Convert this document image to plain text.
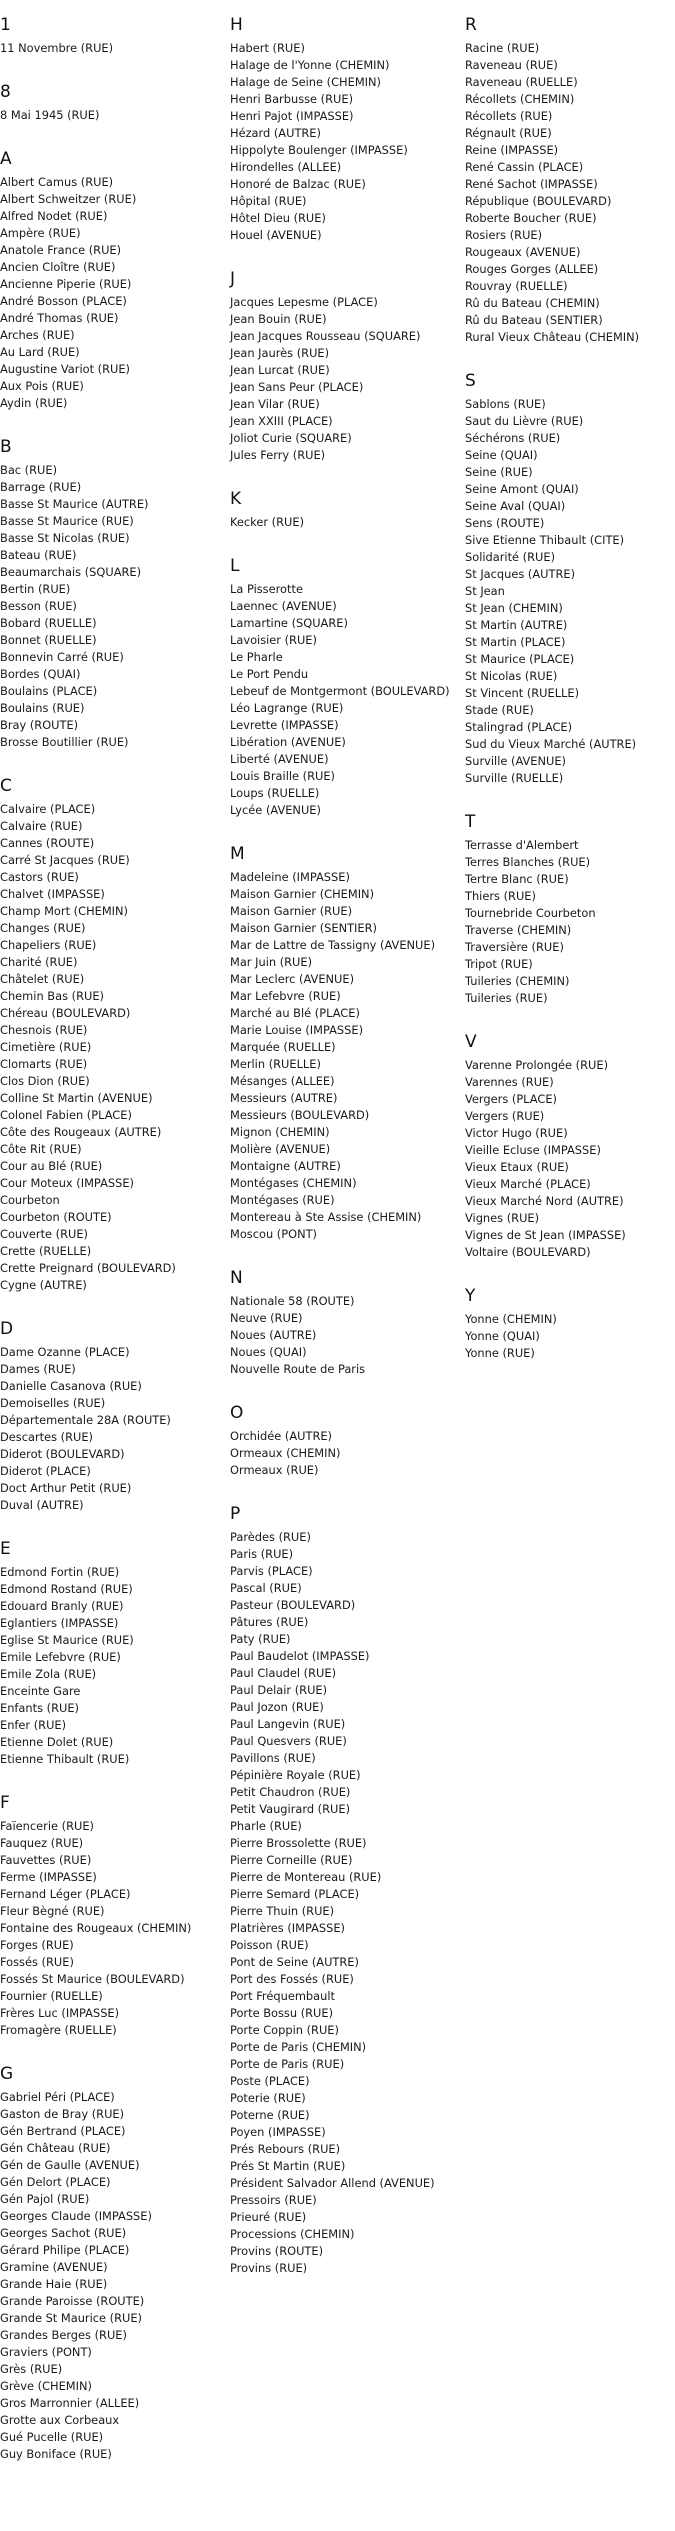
1
11 Novembre (RUE)
8
8 Mai 1945 (RUE)
A
Albert Camus (RUE)
Albert Schweitzer (RUE)
Alfred Nodet (RUE)
Ampère (RUE)
Anatole France (RUE)
Ancien Cloître (RUE)
Ancienne Piperie (RUE)
André Bosson (PLACE)
André Thomas (RUE)
Arches (RUE)
Au Lard (RUE)
Augustine Variot (RUE)
Aux Pois (RUE)
Aydin (RUE)
B
Bac (RUE)
Barrage (RUE)
Basse St Maurice (AUTRE)
Basse St Maurice (RUE)
Basse St Nicolas (RUE)
Bateau (RUE)
Beaumarchais (SQUARE)
Bertin (RUE)
Besson (RUE)
Bobard (RUELLE)
Bonnet (RUELLE)
Bonnevin Carré (RUE)
Bordes (QUAI)
Boulains (PLACE)
Boulains (RUE)
Bray (ROUTE)
Brosse Boutillier (RUE)
C
Calvaire (PLACE)
Calvaire (RUE)
Cannes (ROUTE)
Carré St Jacques (RUE)
Castors (RUE)
Chalvet (IMPASSE)
Champ Mort (CHEMIN)
Changes (RUE)
Chapeliers (RUE)
Charité (RUE)
Châtelet (RUE)
Chemin Bas (RUE)
Chéreau (BOULEVARD)
Chesnois (RUE)
Cimetière (RUE)
Clomarts (RUE)
Clos Dion (RUE)
Colline St Martin (AVENUE)
Colonel Fabien (PLACE)
Côte des Rougeaux (AUTRE)
Côte Rit (RUE)
Cour au Blé (RUE)
Cour Moteux (IMPASSE)
Courbeton
Courbeton (ROUTE)
Couverte (RUE)
Crette (RUELLE)
Crette Preignard (BOULEVARD)
Cygne (AUTRE)
D
Dame Ozanne (PLACE)
Dames (RUE)
Danielle Casanova (RUE)
Demoiselles (RUE)
Départementale 28A (ROUTE)
Descartes (RUE)
Diderot (BOULEVARD)
Diderot (PLACE)
Doct Arthur Petit (RUE)
Duval (AUTRE)
E
Edmond Fortin (RUE)
Edmond Rostand (RUE)
Edouard Branly (RUE)
Eglantiers (IMPASSE)
Eglise St Maurice (RUE)
Emile Lefebvre (RUE)
Emile Zola (RUE)
Enceinte Gare
Enfants (RUE)
Enfer (RUE)
Etienne Dolet (RUE)
Etienne Thibault (RUE)
F
Faïencerie (RUE)
Fauquez (RUE)
Fauvettes (RUE)
Ferme (IMPASSE)
Fernand Léger (PLACE)
Fleur Bègné (RUE)
Fontaine des Rougeaux (CHEMIN)
Forges (RUE)
Fossés (RUE)
Fossés St Maurice (BOULEVARD)
Fournier (RUELLE)
Frères Luc (IMPASSE)
Fromagère (RUELLE)
G
Gabriel Péri (PLACE)
Gaston de Bray (RUE)
Gén Bertrand (PLACE)
Gén Château (RUE)
Gén de Gaulle (AVENUE)
Gén Delort (PLACE)
Gén Pajol (RUE)
Georges Claude (IMPASSE)
Georges Sachot (RUE)
Gérard Philipe (PLACE)
Gramine (AVENUE)
Grande Haie (RUE)
Grande Paroisse (ROUTE)
Grande St Maurice (RUE)
Grandes Berges (RUE)
Graviers (PONT)
Grès (RUE)
Grève (CHEMIN)
Gros Marronnier (ALLEE)
Grotte aux Corbeaux
Gué Pucelle (RUE)
Guy Boniface (RUE)
H
Habert (RUE)
Halage de l'Yonne (CHEMIN)
Halage de Seine (CHEMIN)
Henri Barbusse (RUE)
Henri Pajot (IMPASSE)
Hézard (AUTRE)
Hippolyte Boulenger (IMPASSE)
Hirondelles (ALLEE)
Honoré de Balzac (RUE)
Hôpital (RUE)
Hôtel Dieu (RUE)
Houel (AVENUE)
J
Jacques Lepesme (PLACE)
Jean Bouin (RUE)
Jean Jacques Rousseau (SQUARE)
Jean Jaurès (RUE)
Jean Lurcat (RUE)
Jean Sans Peur (PLACE)
Jean Vilar (RUE)
Jean XXIII (PLACE)
Joliot Curie (SQUARE)
Jules Ferry (RUE)
K
Kecker (RUE)
L
La Pisserotte
Laennec (AVENUE)
Lamartine (SQUARE)
Lavoisier (RUE)
Le Pharle
Le Port Pendu
Lebeuf de Montgermont (BOULEVARD)
Léo Lagrange (RUE)
Levrette (IMPASSE)
Libération (AVENUE)
Liberté (AVENUE)
Louis Braille (RUE)
Loups (RUELLE)
Lycée (AVENUE)
M
Madeleine (IMPASSE)
Maison Garnier (CHEMIN)
Maison Garnier (RUE)
Maison Garnier (SENTIER)
Mar de Lattre de Tassigny (AVENUE)
Mar Juin (RUE)
Mar Leclerc (AVENUE)
Mar Lefebvre (RUE)
Marché au Blé (PLACE)
Marie Louise (IMPASSE)
Marquée (RUELLE)
Merlin (RUELLE)
Mésanges (ALLEE)
Messieurs (AUTRE)
Messieurs (BOULEVARD)
Mignon (CHEMIN)
Molière (AVENUE)
Montaigne (AUTRE)
Montégases (CHEMIN)
Montégases (RUE)
Montereau à Ste Assise (CHEMIN)
Moscou (PONT)
N
Nationale 58 (ROUTE)
Neuve (RUE)
Noues (AUTRE)
Noues (QUAI)
Nouvelle Route de Paris
O
Orchidée (AUTRE)
Ormeaux (CHEMIN)
Ormeaux (RUE)
P
Parèdes (RUE)
Paris (RUE)
Parvis (PLACE)
Pascal (RUE)
Pasteur (BOULEVARD)
Pâtures (RUE)
Paty (RUE)
Paul Baudelot (IMPASSE)
Paul Claudel (RUE)
Paul Delair (RUE)
Paul Jozon (RUE)
Paul Langevin (RUE)
Paul Quesvers (RUE)
Pavillons (RUE)
Pépinière Royale (RUE)
Petit Chaudron (RUE)
Petit Vaugirard (RUE)
Pharle (RUE)
Pierre Brossolette (RUE)
Pierre Corneille (RUE)
Pierre de Montereau (RUE)
Pierre Semard (PLACE)
Pierre Thuin (RUE)
Platrières (IMPASSE)
Poisson (RUE)
Pont de Seine (AUTRE)
Port des Fossés (RUE)
Port Fréquembault
Porte Bossu (RUE)
Porte Coppin (RUE)
Porte de Paris (CHEMIN)
Porte de Paris (RUE)
Poste (PLACE)
Poterie (RUE)
Poterne (RUE)
Poyen (IMPASSE)
Prés Rebours (RUE)
Prés St Martin (RUE)
Président Salvador Allend (AVENUE)
Pressoirs (RUE)
Prieuré (RUE)
Processions (CHEMIN)
Provins (ROUTE)
Provins (RUE)
R
Racine (RUE)
Raveneau (RUE)
Raveneau (RUELLE)
Récollets (CHEMIN)
Récollets (RUE)
Régnault (RUE)
Reine (IMPASSE)
René Cassin (PLACE)
René Sachot (IMPASSE)
République (BOULEVARD)
Roberte Boucher (RUE)
Rosiers (RUE)
Rougeaux (AVENUE)
Rouges Gorges (ALLEE)
Rouvray (RUELLE)
Rû du Bateau (CHEMIN)
Rû du Bateau (SENTIER)
Rural Vieux Château (CHEMIN)
S
Sablons (RUE)
Saut du Lièvre (RUE)
Séchérons (RUE)
Seine (QUAI)
Seine (RUE)
Seine Amont (QUAI)
Seine Aval (QUAI)
Sens (ROUTE)
Sive Etienne Thibault (CITE)
Solidarité (RUE)
St Jacques (AUTRE)
St Jean
St Jean (CHEMIN)
St Martin (AUTRE)
St Martin (PLACE)
St Maurice (PLACE)
St Nicolas (RUE)
St Vincent (RUELLE)
Stade (RUE)
Stalingrad (PLACE)
Sud du Vieux Marché (AUTRE)
Surville (AVENUE)
Surville (RUELLE)
T
Terrasse d'Alembert
Terres Blanches (RUE)
Tertre Blanc (RUE)
Thiers (RUE)
Tournebride Courbeton
Traverse (CHEMIN)
Traversière (RUE)
Tripot (RUE)
Tuileries (CHEMIN)
Tuileries (RUE)
V
Varenne Prolongée (RUE)
Varennes (RUE)
Vergers (PLACE)
Vergers (RUE)
Victor Hugo (RUE)
Vieille Ecluse (IMPASSE)
Vieux Etaux (RUE)
Vieux Marché (PLACE)
Vieux Marché Nord (AUTRE)
Vignes (RUE)
Vignes de St Jean (IMPASSE)
Voltaire (BOULEVARD)
Y
Yonne (CHEMIN)
Yonne (QUAI)
Yonne (RUE)
